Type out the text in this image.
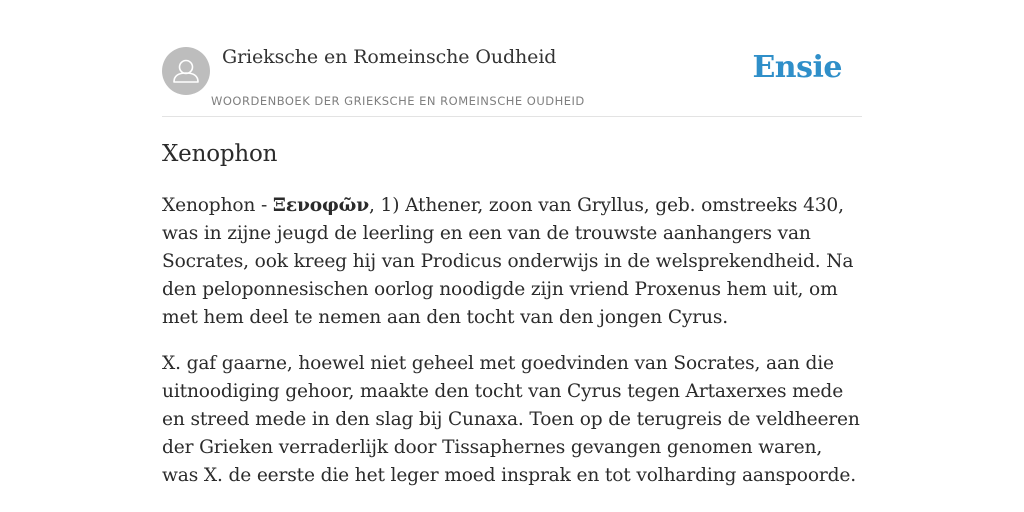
Grieksche en Romeinsche Oudheid
WOORDENBOEK DER GRIEKSCHE EN ROMEINSCHE OUDHEID
Ensie
Xenophon

Xenophon - Ξενοφῶν, 1) Athener, zoon van Gryllus, geb. omstreeks 430, was in zijne jeugd de leerling en een van de trouwste aanhangers van Socrates, ook kreeg hij van Prodicus onderwijs in de welsprekendheid. Na den peloponnesischen oorlog noodigde zijn vriend Proxenus hem uit, om met hem deel te nemen aan den tocht van den jongen Cyrus.

X. gaf gaarne, hoewel niet geheel met goedvinden van Socrates, aan die uitnoodiging gehoor, maakte den tocht van Cyrus tegen Artaxerxes mede en streed mede in den slag bij Cunaxa. Toen op de terugreis de veldheeren der Grieken verraderlijk door Tissaphernes gevangen genomen waren, was X. de eerste die het leger moed insprak en tot volharding aanspoorde.
